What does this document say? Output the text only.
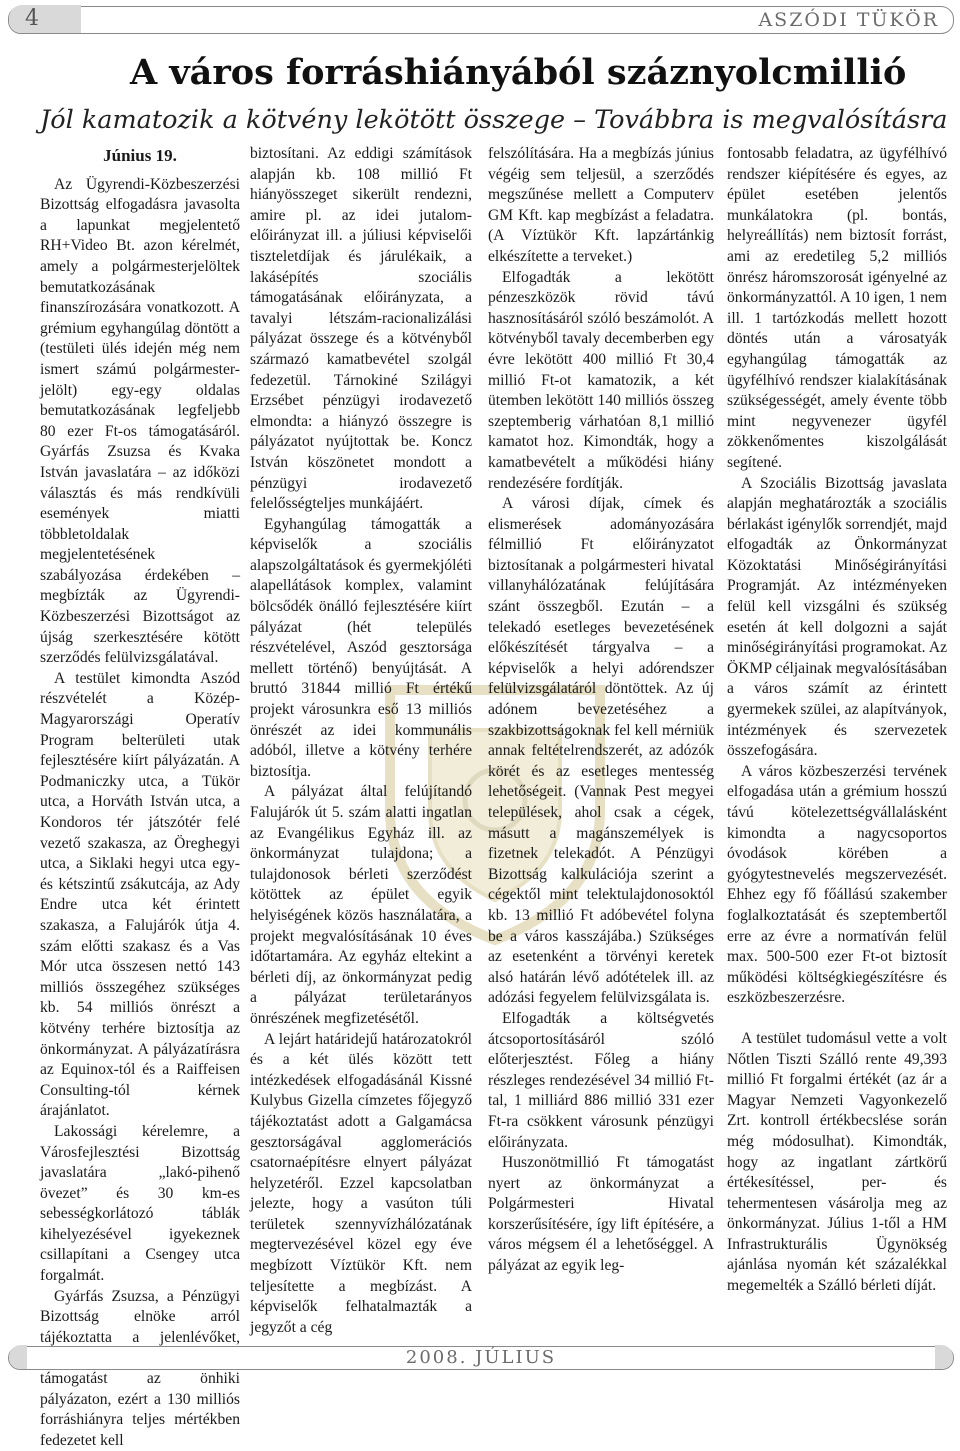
4	ASZÓDI TÜKÖR
A város forráshiányából száznyolcmillió
Jól kamatozik a kötvény lekötött összege – Továbbra is megvalósításra

Június 19.

Az Ügyrendi-Közbeszerzési Bizottság elfogadásra javasolta a lapunkat megjelentető RH+Video Bt. azon kérelmét, amely a polgármesterjelöltek bemutatkozásának finanszírozására vonatkozott. A grémium egyhangúlag döntött a (testületi ülés idején még nem ismert számú polgármester-jelölt) egy-egy oldalas bemutatkozásának legfeljebb 80 ezer Ft-os támogatásáról. Gyárfás Zsuzsa és Kvaka István javaslatára – az időközi választás és más rendkívüli események miatti többletoldalak megjelentetésének szabályozása érdekében – megbízták az Ügyrendi-Közbeszerzési Bizottságot az újság szerkesztésére kötött szerződés felülvizsgálatával.

A testület kimondta Aszód részvételét a Közép-Magyarországi Operatív Program belterületi utak fejlesztésére kiírt pályázatán. A Podmaniczky utca, a Tükör utca, a Horváth István utca, a Kondoros tér játszótér felé vezető szakasza, az Öreghegyi utca, a Siklaki hegyi utca egy- és kétszintű zsákutcája, az Ady Endre utca két érintett szakasza, a Falujárók útja 4. szám előtti szakasz és a Vas Mór utca összesen nettó 143 milliós összegéhez szükséges kb. 54 milliós önrészt a kötvény terhére biztosítja az önkormányzat. A pályázatírásra az Equinox-tól és a Raiffeisen Consulting-tól kérnek árajánlatot.

Lakossági kérelemre, a Városfejlesztési Bizottság javaslatára „lakó-pihenő övezet” és 30 km-es sebességkorlátozó táblák kihelyezésével igyekeznek csillapítani a Csengey utca forgalmát.

Gyárfás Zsuzsa, a Pénzügyi Bizottság elnöke arról tájékoztatta a jelenlévőket, támogatást az önhiki pályázaton, ezért a 130 milliós forráshiányra teljes mértékben fedezetet kell

biztosítani. Az eddigi számítások alapján kb. 108 millió Ft hiányösszeget sikerült rendezni, amire pl. az idei jutalom-előirányzat ill. a júliusi képviselői tiszteletdíjak és járulékaik, a lakásépítés szociális támogatásának előirányzata, a tavalyi létszám-racionalizálási pályázat összege és a kötvényből származó kamatbevétel szolgál fedezetül. Tárnokiné Szilágyi Erzsébet pénzügyi irodavezető elmondta: a hiányzó összegre is pályázatot nyújtottak be. Koncz István köszönetet mondott a pénzügyi irodavezető felelősségteljes munkájáért.

Egyhangúlag támogatták a képviselők a szociális alapszolgáltatások és gyermekjóléti alapellátások komplex, valamint bölcsődék önálló fejlesztésére kiírt pályázat (hét település részvételével, Aszód gesztorsága mellett történő) benyújtását. A bruttó 31844 millió Ft értékű projekt városunkra eső 13 milliós önrészét az idei kommunális adóból, illetve a kötvény terhére biztosítja.

A pályázat által felújítandó Falujárók út 5. szám alatti ingatlan az Evangélikus Egyház ill. az önkormányzat tulajdona; a tulajdonosok bérleti szerződést kötöttek az épület egyik helyiségének közös használatára, a projekt megvalósításának 10 éves időtartamára. Az egyház eltekint a bérleti díj, az önkormányzat pedig a pályázat területarányos önrészének megfizetésétől.

A lejárt határidejű határozatokról és a két ülés között tett intézkedések elfogadásánál Kissné Kulybus Gizella címzetes főjegyző tájékoztatást adott a Galgamácsa gesztorságával agglomerációs csatornaépítésre elnyert pályázat helyzetéről. Ezzel kapcsolatban jelezte, hogy a vasúton túli területek szennyvízhálózatának megtervezésével közel egy éve megbízott Víztükör Kft. nem teljesítette a megbízást. A képviselők felhatalmazták a jegyzőt a cég

felszólítására. Ha a megbízás június végéig sem teljesül, a szerződés megszűnése mellett a Computerv GM Kft. kap megbízást a feladatra. (A Víztükör Kft. lapzártánkig elkészítette a terveket.)

Elfogadták a lekötött pénzeszközök rövid távú hasznosításáról szóló beszámolót. A kötvényből tavaly decemberben egy évre lekötött 400 millió Ft 30,4 millió Ft-ot kamatozik, a két ütemben lekötött 140 milliós összeg szeptemberig várhatóan 8,1 millió kamatot hoz. Kimondták, hogy a kamatbevételt a működési hiány rendezésére fordítják.

A városi díjak, címek és elismerések adományozására félmillió Ft előirányzatot biztosítanak a polgármesteri hivatal villanyhálózatának felújítására szánt összegből. Ezután – a telekadó esetleges bevezetésének előkészítését tárgyalva – a képviselők a helyi adórendszer felülvizsgálatáról döntöttek. Az új adónem bevezetéséhez a szakbizottságoknak fel kell mérniük annak feltételrendszerét, az adózók körét és az esetleges mentesség lehetőségeit. (Vannak Pest megyei települések, ahol csak a cégek, másutt a magánszemélyek is fizetnek telekadót. A Pénzügyi Bizottság kalkulációja szerint a cégektől mint telektulajdonosoktól kb. 13 millió Ft adóbevétel folyna be a város kasszájába.) Szükséges az esetenként a törvényi keretek alsó határán lévő adótételek ill. az adózási fegyelem felülvizsgálata is.

Elfogadták a költségvetés átcsoportosításáról szóló előterjesztést. Főleg a hiány részleges rendezésével 34 millió Ft-tal, 1 milliárd 886 millió 331 ezer Ft-ra csökkent városunk pénzügyi előirányzata.

Huszonötmillió Ft támogatást nyert az önkormányzat a Polgármesteri Hivatal korszerűsítésére, így lift építésére, a város mégsem él a lehetőséggel. A pályázat az egyik leg-

fontosabb feladatra, az ügyfélhívó rendszer kiépítésére és egyes, az épület esetében jelentős munkálatokra (pl. bontás, helyreállítás) nem biztosít forrást, ami az eredetileg 5,2 milliós önrész háromszorosát igényelné az önkormányzattól. A 10 igen, 1 nem ill. 1 tartózkodás mellett hozott döntés után a városatyák egyhangúlag támogatták az ügyfélhívó rendszer kialakításának szükségességét, amely évente több mint negyvenezer ügyfél zökkenőmentes kiszolgálását segítené.

A Szociális Bizottság javaslata alapján meghatározták a szociális bérlakást igénylők sorrendjét, majd elfogadták az Önkormányzat Közoktatási Minőségirányítási Programját. Az intézményeken felül kell vizsgálni és szükség esetén át kell dolgozni a saját minőségirányítási programokat. Az ÖKMP céljainak megvalósításában a város számít az érintett gyermekek szülei, az alapítványok, intézmények és szervezetek összefogására.

A város közbeszerzési tervének elfogadása után a grémium hosszú távú kötelezettségvállalásként kimondta a nagycsoportos óvodások körében a gyógytestnevelés megszervezését. Ehhez egy fő főállású szakember foglalkoztatását és szeptembertől erre az évre a normatíván felül max. 500-500 ezer Ft-ot biztosít működési költségkiegészítésre és eszközbeszerzésre.

A testület tudomásul vette a volt Nőtlen Tiszti Szálló rente 49,393 millió Ft forgalmi értékét (az ár a Magyar Nemzeti Vagyonkezelő Zrt. kontroll értékbecslése során még módosulhat). Kimondták, hogy az ingatlant zártkörű értékesítéssel, per- és tehermentesen vásárolja meg az önkormányzat. Július 1-től a HM Infrastrukturális Ügynökség ajánlása nyomán két százalékkal megemelték a Szálló bérleti díját.

2008. JÚLIUS
